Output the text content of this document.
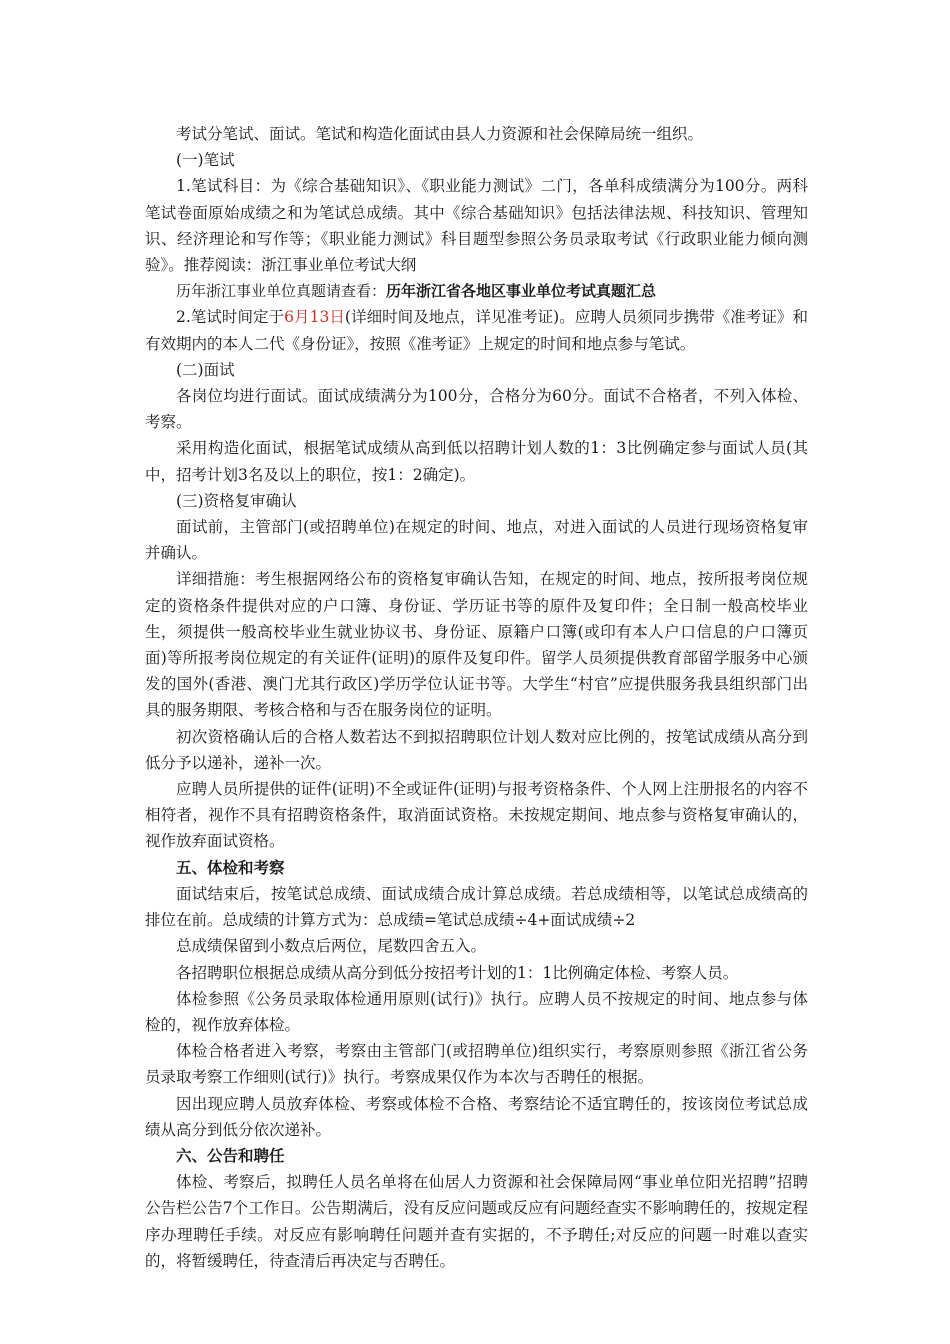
考试分笔试、面试。笔试和构造化面试由县人力资源和社会保障局统一组织。

(一)笔试

1.笔试科目：为《综合基础知识》、《职业能力测试》二门，各单科成绩满分为100分。两科笔试卷面原始成绩之和为笔试总成绩。其中《综合基础知识》包括法律法规、科技知识、管理知识、经济理论和写作等；《职业能力测试》科目题型参照公务员录取考试《行政职业能力倾向测验》。推荐阅读：浙江事业单位考试大纲

历年浙江事业单位真题请查看：历年浙江省各地区事业单位考试真题汇总

2.笔试时间定于6月13日(详细时间及地点，详见准考证)。应聘人员须同步携带《准考证》和有效期内的本人二代《身份证》，按照《准考证》上规定的时间和地点参与笔试。

(二)面试

各岗位均进行面试。面试成绩满分为100分，合格分为60分。面试不合格者，不列入体检、考察。

采用构造化面试，根据笔试成绩从高到低以招聘计划人数的1：3比例确定参与面试人员(其中，招考计划3名及以上的职位，按1：2确定)。

(三)资格复审确认

面试前，主管部门(或招聘单位)在规定的时间、地点，对进入面试的人员进行现场资格复审并确认。

详细措施：考生根据网络公布的资格复审确认告知，在规定的时间、地点，按所报考岗位规定的资格条件提供对应的户口簿、身份证、学历证书等的原件及复印件；全日制一般高校毕业生，须提供一般高校毕业生就业协议书、身份证、原籍户口簿(或印有本人户口信息的户口簿页面)等所报考岗位规定的有关证件(证明)的原件及复印件。留学人员须提供教育部留学服务中心颁发的国外(香港、澳门尤其行政区)学历学位认证书等。大学生“村官”应提供服务我县组织部门出具的服务期限、考核合格和与否在服务岗位的证明。

初次资格确认后的合格人数若达不到拟招聘职位计划人数对应比例的，按笔试成绩从高分到低分予以递补，递补一次。

应聘人员所提供的证件(证明)不全或证件(证明)与报考资格条件、个人网上注册报名的内容不相符者，视作不具有招聘资格条件，取消面试资格。未按规定期间、地点参与资格复审确认的，视作放弃面试资格。

五、体检和考察

面试结束后，按笔试总成绩、面试成绩合成计算总成绩。若总成绩相等，以笔试总成绩高的排位在前。总成绩的计算方式为：总成绩=笔试总成绩÷4+面试成绩÷2

总成绩保留到小数点后两位，尾数四舍五入。

各招聘职位根据总成绩从高分到低分按招考计划的1：1比例确定体检、考察人员。

体检参照《公务员录取体检通用原则(试行)》执行。应聘人员不按规定的时间、地点参与体检的，视作放弃体检。

体检合格者进入考察，考察由主管部门(或招聘单位)组织实行，考察原则参照《浙江省公务员录取考察工作细则(试行)》执行。考察成果仅作为本次与否聘任的根据。

因出现应聘人员放弃体检、考察或体检不合格、考察结论不适宜聘任的，按该岗位考试总成绩从高分到低分依次递补。

六、公告和聘任

体检、考察后，拟聘任人员名单将在仙居人力资源和社会保障局网“事业单位阳光招聘”招聘公告栏公告7个工作日。公告期满后，没有反应问题或反应有问题经查实不影响聘任的，按规定程序办理聘任手续。对反应有影响聘任问题并查有实据的，不予聘任;对反应的问题一时难以查实的，将暂缓聘任，待查清后再决定与否聘任。
